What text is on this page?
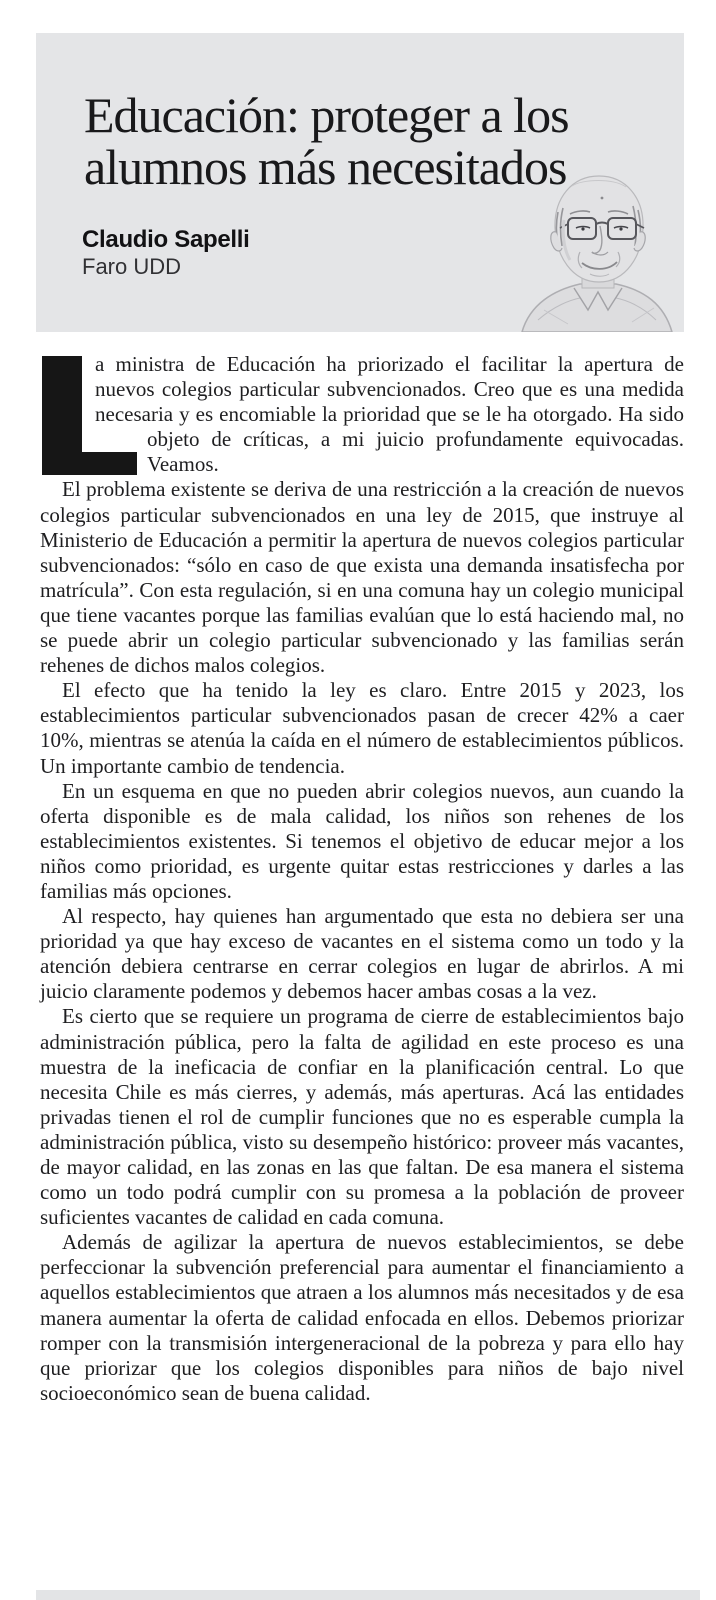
Educación: proteger a los alumnos más necesitados
Claudio Sapelli
Faro UDD

a ministra de Educación ha priorizado el facilitar la apertura de nuevos colegios particular subvencionados. Creo que es una medida necesaria y es encomiable la prioridad que se le ha otorgado. Ha sido objeto de críticas, a mi juicio profundamente equivocadas. Veamos.

El problema existente se deriva de una restricción a la creación de nuevos colegios particular subvencionados en una ley de 2015, que instruye al Ministerio de Educación a permitir la apertura de nuevos colegios particular subvencionados: “sólo en caso de que exista una demanda insatisfecha por matrícula”. Con esta regulación, si en una comuna hay un colegio municipal que tiene vacantes porque las familias evalúan que lo está haciendo mal, no se puede abrir un colegio particular subvencionado y las familias serán rehenes de dichos malos colegios.

El efecto que ha tenido la ley es claro. Entre 2015 y 2023, los establecimientos particular subvencionados pasan de crecer 42% a caer 10%, mientras se atenúa la caída en el número de establecimientos públicos. Un importante cambio de tendencia.

En un esquema en que no pueden abrir colegios nuevos, aun cuando la oferta disponible es de mala calidad, los niños son rehenes de los establecimientos existentes. Si tenemos el objetivo de educar mejor a los niños como prioridad, es urgente quitar estas restricciones y darles a las familias más opciones.

Al respecto, hay quienes han argumentado que esta no debiera ser una prioridad ya que hay exceso de vacantes en el sistema como un todo y la atención debiera centrarse en cerrar colegios en lugar de abrirlos. A mi juicio claramente podemos y debemos hacer ambas cosas a la vez.

Es cierto que se requiere un programa de cierre de establecimientos bajo administración pública, pero la falta de agilidad en este proceso es una muestra de la ineficacia de confiar en la planificación central. Lo que necesita Chile es más cierres, y además, más aperturas. Acá las entidades privadas tienen el rol de cumplir funciones que no es esperable cumpla la administración pública, visto su desempeño histórico: proveer más vacantes, de mayor calidad, en las zonas en las que faltan. De esa manera el sistema como un todo podrá cumplir con su promesa a la población de proveer suficientes vacantes de calidad en cada comuna.

Además de agilizar la apertura de nuevos establecimientos, se debe perfeccionar la subvención preferencial para aumentar el financiamiento a aquellos establecimientos que atraen a los alumnos más necesitados y de esa manera aumentar la oferta de calidad enfocada en ellos. Debemos priorizar romper con la transmisión intergeneracional de la pobreza y para ello hay que priorizar que los colegios disponibles para niños de bajo nivel socioeconómico sean de buena calidad.
